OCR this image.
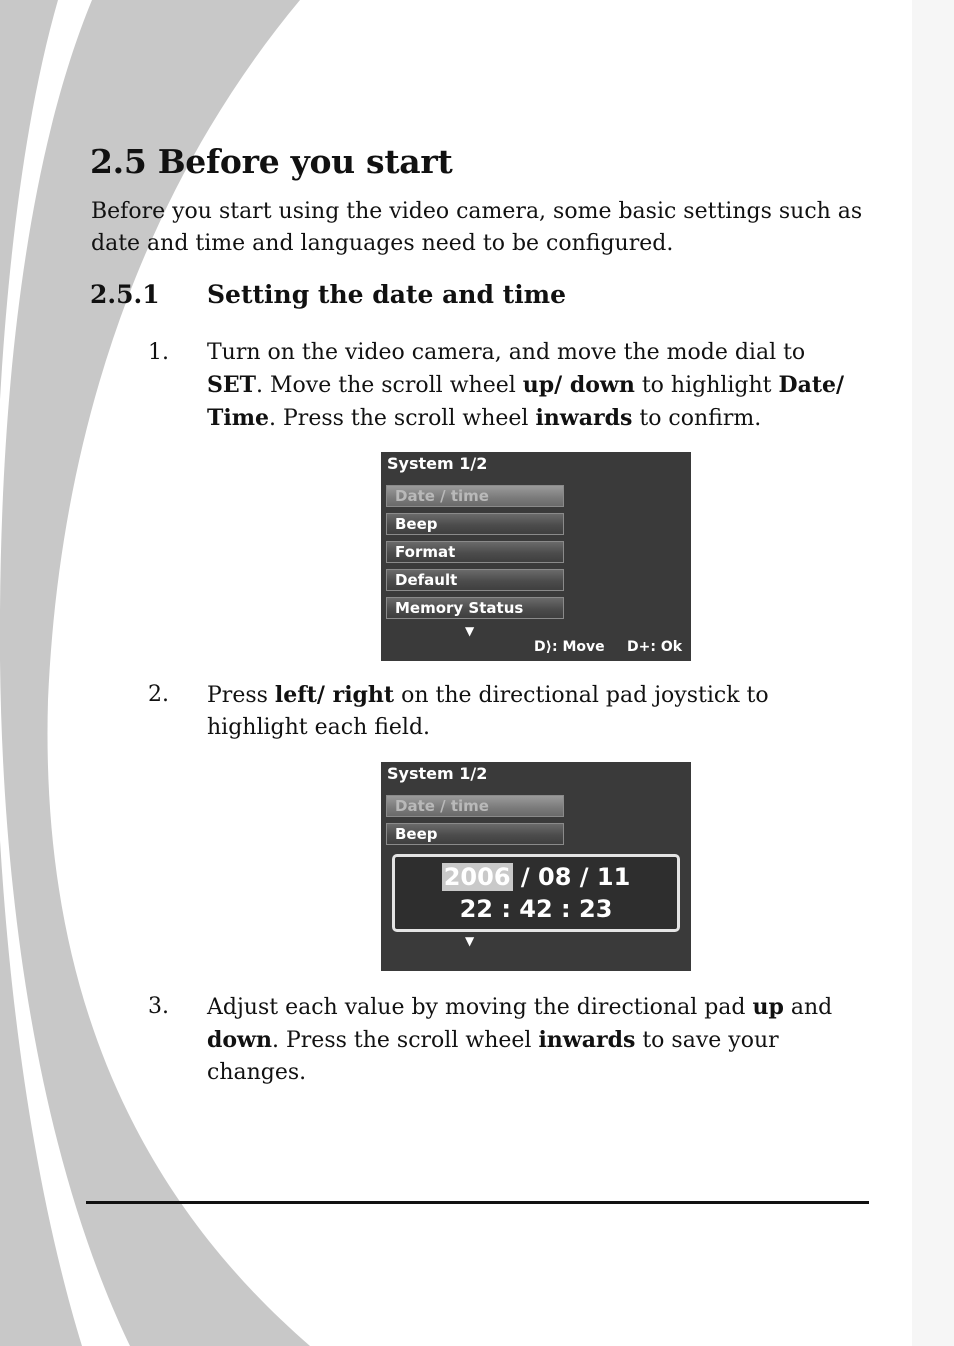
2.5 Before you start

Before you start using the video camera, some basic settings such as date and time and languages need to be configured.

2.5.1 Setting the date and time
1. Turn on the video camera, and move the mode dial to SET. Move the scroll wheel up/ down to highlight Date/ Time. Press the scroll wheel inwards to confirm.
System 1/2
Date / time
Beep
Format
Default
Memory Status
▼
D⟩: Move D+: Ok
2. Press left/ right on the directional pad joystick to highlight each field.
System 1/2
Date / time
Beep
2006 / 08 / 11
22 : 42 : 23
▼
3. Adjust each value by moving the directional pad up and down. Press the scroll wheel inwards to save your changes.
